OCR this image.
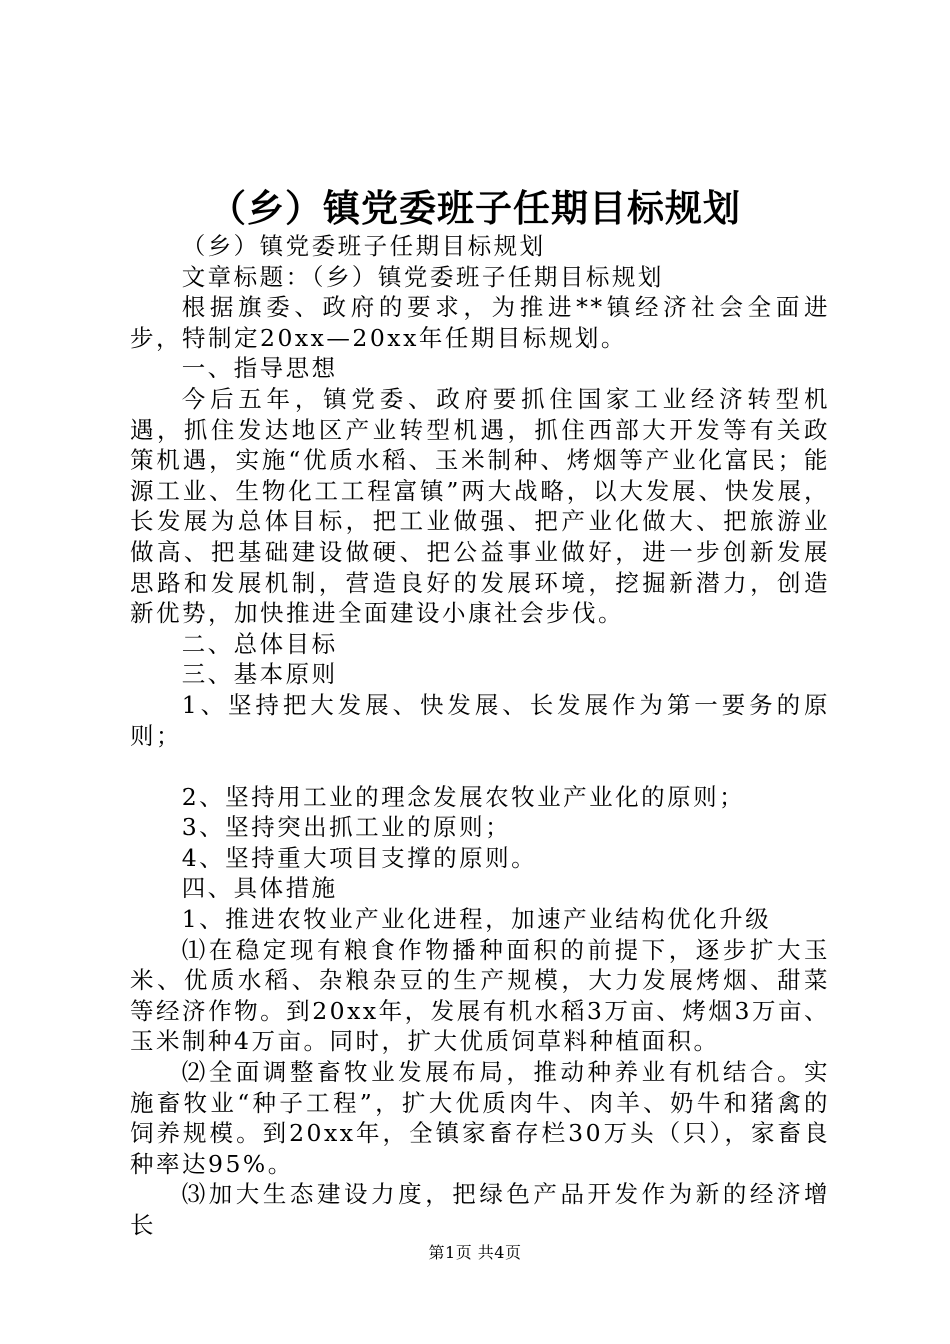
（乡）镇党委班子任期目标规划

（乡）镇党委班子任期目标规划

文章标题：（乡）镇党委班子任期目标规划

根据旗委、政府的要求，为推进**镇经济社会全面进步，特制定20xx—20xx年任期目标规划。

一、指导思想

今后五年，镇党委、政府要抓住国家工业经济转型机遇，抓住发达地区产业转型机遇，抓住西部大开发等有关政策机遇，实施“优质水稻、玉米制种、烤烟等产业化富民；能源工业、生物化工工程富镇”两大战略，以大发展、快发展，长发展为总体目标，把工业做强、把产业化做大、把旅游业做高、把基础建设做硬、把公益事业做好，进一步创新发展思路和发展机制，营造良好的发展环境，挖掘新潜力，创造新优势，加快推进全面建设小康社会步伐。

二、总体目标

三、基本原则

1、坚持把大发展、快发展、长发展作为第一要务的原则；

2、坚持用工业的理念发展农牧业产业化的原则；

3、坚持突出抓工业的原则；

4、坚持重大项目支撑的原则。

四、具体措施

1、推进农牧业产业化进程，加速产业结构优化升级

⑴在稳定现有粮食作物播种面积的前提下，逐步扩大玉米、优质水稻、杂粮杂豆的生产规模，大力发展烤烟、甜菜等经济作物。到20xx年，发展有机水稻3万亩、烤烟3万亩、玉米制种4万亩。同时，扩大优质饲草料种植面积。

⑵全面调整畜牧业发展布局，推动种养业有机结合。实施畜牧业“种子工程”，扩大优质肉牛、肉羊、奶牛和猪禽的饲养规模。到20xx年，全镇家畜存栏30万头（只），家畜良种率达95%。

⑶加大生态建设力度，把绿色产品开发作为新的经济增长

第1页 共4页
